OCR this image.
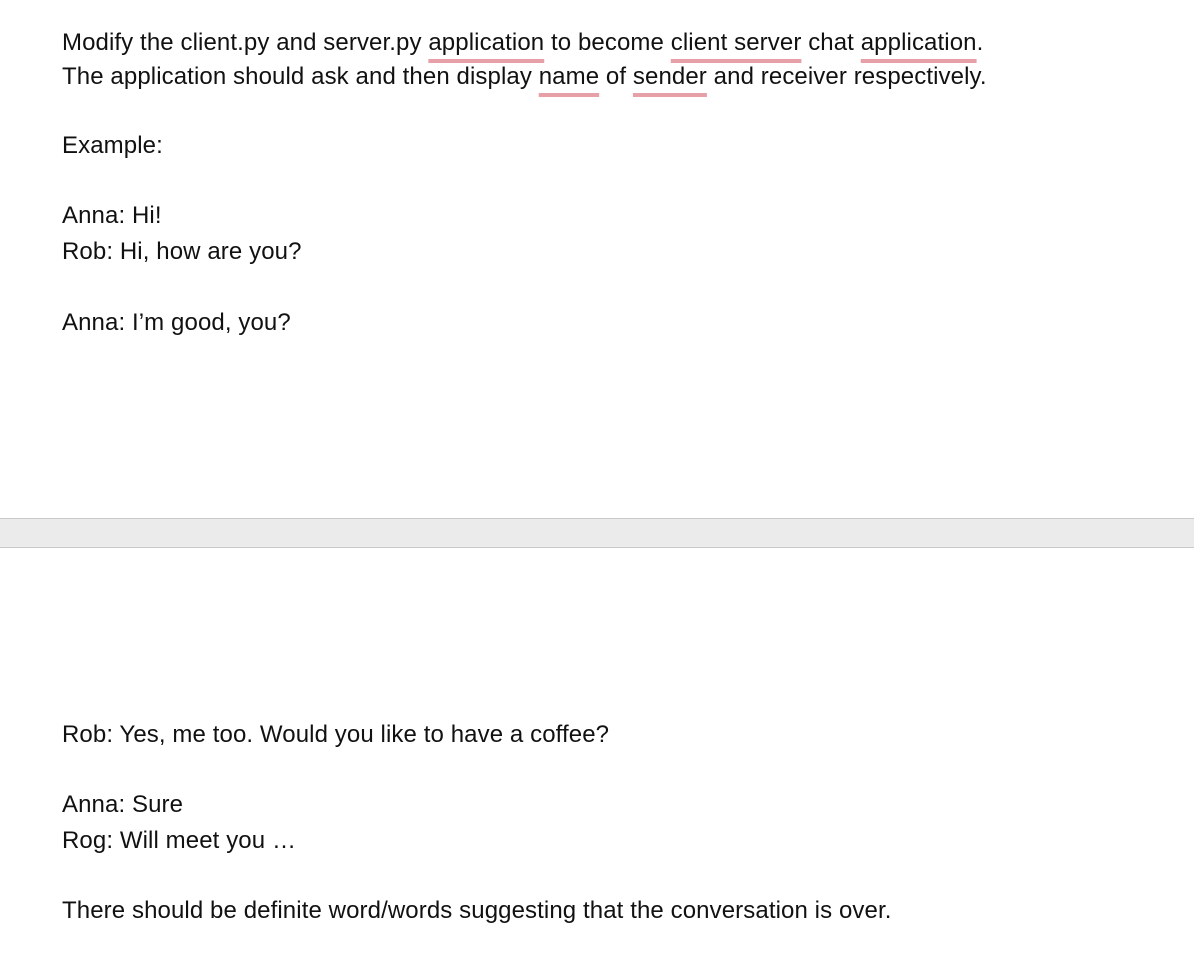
Modify the client.py and server.py application to become client server chat application.
The application should ask and then display name of sender and receiver respectively.
Example:
Anna: Hi!
Rob: Hi, how are you?
Anna: I’m good, you?
Rob: Yes, me too. Would you like to have a coffee?
Anna: Sure
Rog: Will meet you …
There should be definite word/words suggesting that the conversation is over.
